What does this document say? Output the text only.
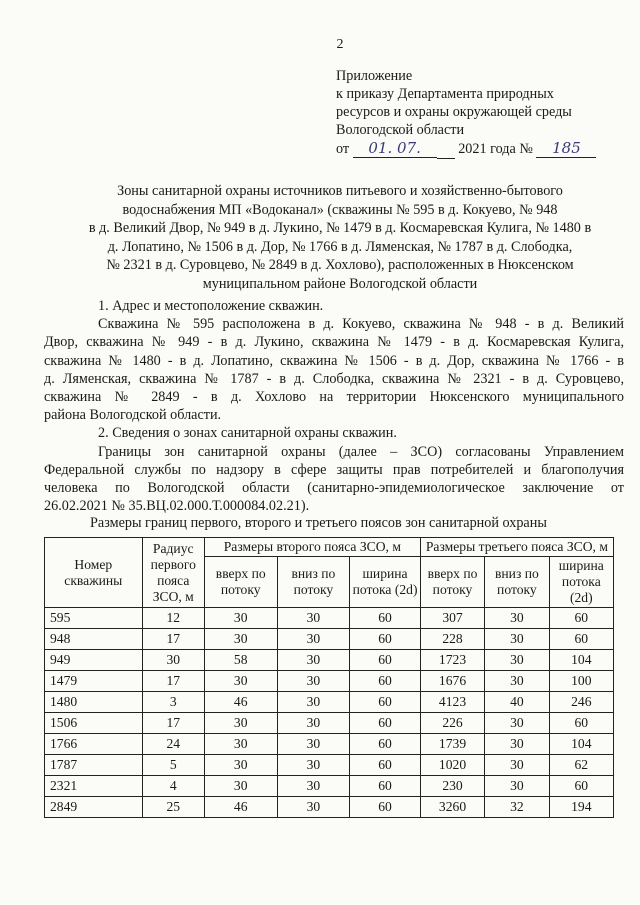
2
Приложение
к приказу Департамента природных
ресурсов и охраны окружающей среды
Вологодской области
от 01. 07.	2021 года № 185
Зоны санитарной охраны источников питьевого и хозяйственно-бытового
водоснабжения МП «Водоканал» (скважины № 595 в д. Кокуево, № 948
в д. Великий Двор, № 949 в д. Лукино, № 1479 в д. Космаревская Кулига, № 1480 в
д. Лопатино, № 1506 в д. Дор, № 1766 в д. Ляменская, № 1787 в д. Слободка,
№ 2321 в д. Суровцево, № 2849 в д. Хохлово), расположенных в Нюксенском
муниципальном районе Вологодской области

1. Адрес и местоположение скважин.

Скважина № 595 расположена в д. Кокуево, скважина № 948 - в д. Великий

Двор, скважина № 949 - в д. Лукино, скважина № 1479 - в д. Космаревская Кулига,

скважина № 1480 - в д. Лопатино, скважина № 1506 - в д. Дор, скважина № 1766 - в

д. Ляменская, скважина № 1787 - в д. Слободка, скважина № 2321 - в д. Суровцево,

скважина № 2849 - в д. Хохлово на территории Нюксенского муниципального

района Вологодской области.

2. Сведения о зонах санитарной охраны скважин.

Границы зон санитарной охраны (далее – ЗСО) согласованы Управлением

Федеральной службы по надзору в сфере защиты прав потребителей и благополучия

человека по Вологодской области (санитарно-эпидемиологическое заключение от

26.02.2021 № 35.ВЦ.02.000.Т.000084.02.21).

Размеры границ первого, второго и третьего поясов зон санитарной охраны
Номер скважины	Радиус первого пояса ЗСО, м	Размеры второго пояса ЗСО, м			Размеры третьего пояса ЗСО, м		
		вверх по потоку	вниз по потоку	ширина потока (2d)	вверх по потоку	вниз по потоку	ширина потока (2d)
595	12	30	30	60	307	30	60
948	17	30	30	60	228	30	60
949	30	58	30	60	1723	30	104
1479	17	30	30	60	1676	30	100
1480	3	46	30	60	4123	40	246
1506	17	30	30	60	226	30	60
1766	24	30	30	60	1739	30	104
1787	5	30	30	60	1020	30	62
2321	4	30	30	60	230	30	60
2849	25	46	30	60	3260	32	194
